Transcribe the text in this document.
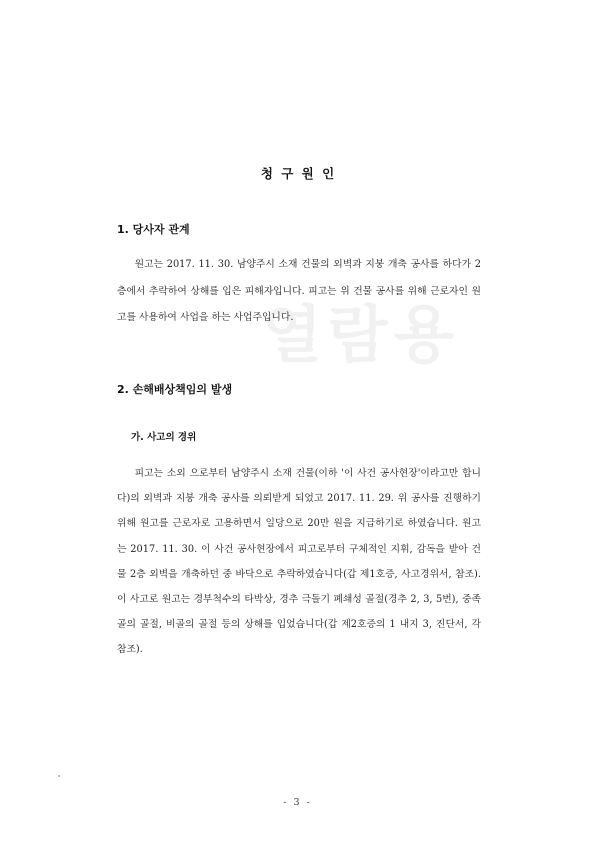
열람용
청 구 원 인
1. 당사자 관계

원고는 2017. 11. 30. 남양주시 소재 건물의 외벽과 지붕 개축 공사를 하다가 2층에서 추락하여 상해를 입은 피해자입니다. 피고는 위 건물 공사를 위해 근로자인 원고를 사용하여 사업을 하는 사업주입니다.

2. 손해배상책임의 발생
가. 사고의 경위

피고는 소외 으로부터 남양주시 소재 건물(이하 '이 사건 공사현장'이라고만 합니다)의 외벽과 지붕 개축 공사를 의뢰받게 되었고 2017. 11. 29. 위 공사를 진행하기 위해 원고를 근로자로 고용하면서 일당으로 20만 원을 지급하기로 하였습니다. 원고는 2017. 11. 30. 이 사건 공사현장에서 피고로부터 구체적인 지휘, 감독을 받아 건물 2층 외벽을 개축하던 중 바닥으로 추락하였습니다(갑 제1호증, 사고경위서, 참조). 이 사고로 원고는 경부척수의 타박상, 경추 극돌기 폐쇄성 골절(경추 2, 3, 5번), 중족골의 골절, 비골의 골절 등의 상해를 입었습니다(갑 제2호증의 1 내지 3, 진단서, 각 참조).

- 3 -
